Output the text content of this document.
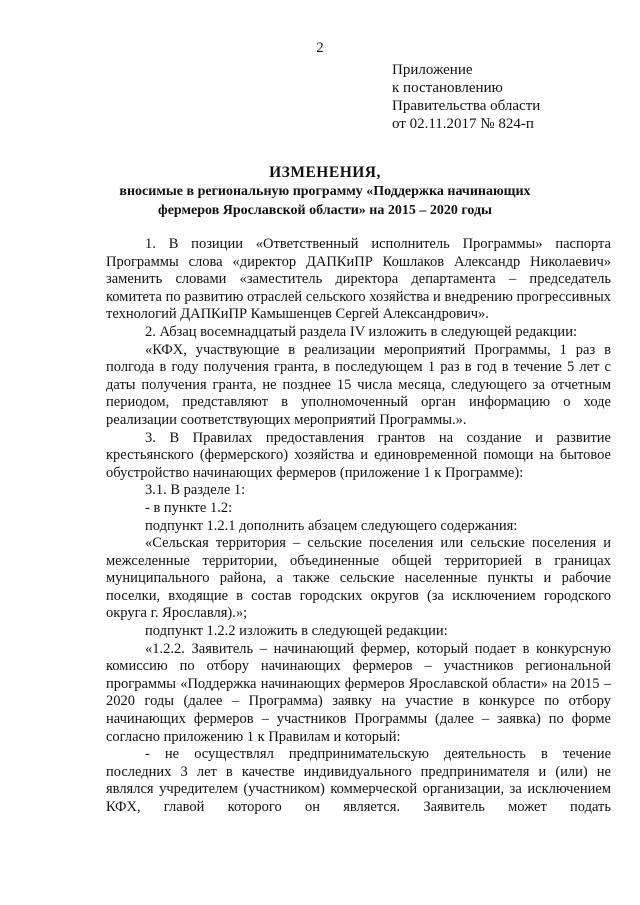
2
Приложение
к постановлению
Правительства области
от 02.11.2017 № 824-п
ИЗМЕНЕНИЯ,
вносимые в региональную программу «Поддержка начинающих
фермеров Ярославской области» на 2015 – 2020 годы

1. В позиции «Ответственный исполнитель Программы» паспорта Программы слова «директор ДАПКиПР Кошлаков Александр Николаевич» заменить словами «заместитель директора департамента – председатель комитета по развитию отраслей сельского хозяйства и внедрению прогрессивных технологий ДАПКиПР Камышенцев Сергей Александрович».

2. Абзац восемнадцатый раздела IV изложить в следующей редакции:

«КФХ, участвующие в реализации мероприятий Программы, 1 раз в полгода в году получения гранта, в последующем 1 раз в год в течение 5 лет с даты получения гранта, не позднее 15 числа месяца, следующего за отчетным периодом, представляют в уполномоченный орган информацию о ходе реализации соответствующих мероприятий Программы.».

3. В Правилах предоставления грантов на создание и развитие крестьянского (фермерского) хозяйства и единовременной помощи на бытовое обустройство начинающих фермеров (приложение 1 к Программе):

3.1. В разделе 1:

- в пункте 1.2:

подпункт 1.2.1 дополнить абзацем следующего содержания:

«Сельская территория – сельские поселения или сельские поселения и межселенные территории, объединенные общей территорией в границах муниципального района, а также сельские населенные пункты и рабочие поселки, входящие в состав городских округов (за исключением городского округа г. Ярославля).»;

подпункт 1.2.2 изложить в следующей редакции:

«1.2.2. Заявитель – начинающий фермер, который подает в конкурсную комиссию по отбору начинающих фермеров – участников региональной программы «Поддержка начинающих фермеров Ярославской области» на 2015 – 2020 годы (далее – Программа) заявку на участие в конкурсе по отбору начинающих фермеров – участников Программы (далее – заявка) по форме согласно приложению 1 к Правилам и который:

- не осуществлял предпринимательскую деятельность в течение последних 3 лет в качестве индивидуального предпринимателя и (или) не являлся учредителем (участником) коммерческой организации, за исключением КФХ, главой которого он является. Заявитель может подать
